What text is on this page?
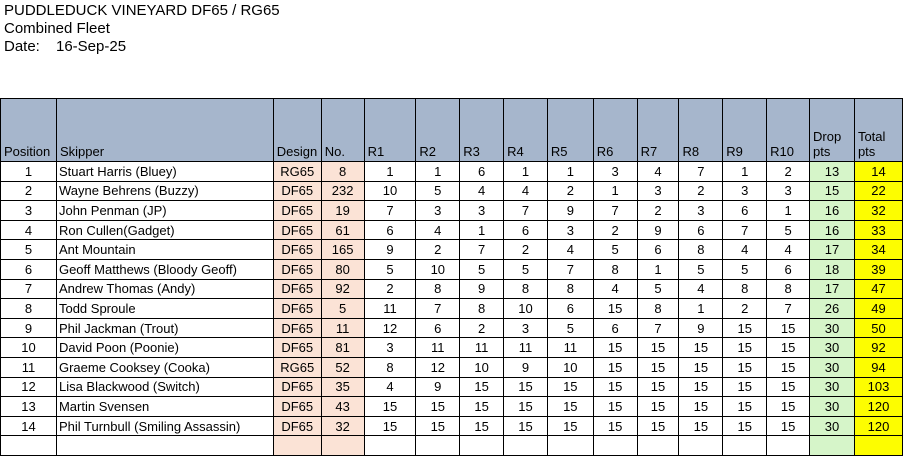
PUDDLEDUCK VINEYARD DF65 / RG65
Combined Fleet
Date: 16-Sep-25
Position	Skipper	Design	No.	R1	R2	R3	R4	R5	R6	R7	R8	R9	R10	Drop pts	Total pts
1	Stuart Harris (Bluey)	RG65	8	1	1	6	1	1	3	4	7	1	2	13	14
2	Wayne Behrens (Buzzy)	DF65	232	10	5	4	4	2	1	3	2	3	3	15	22
3	John Penman (JP)	DF65	19	7	3	3	7	9	7	2	3	6	1	16	32
4	Ron Cullen(Gadget)	DF65	61	6	4	1	6	3	2	9	6	7	5	16	33
5	Ant Mountain	DF65	165	9	2	7	2	4	5	6	8	4	4	17	34
6	Geoff Matthews (Bloody Geoff)	DF65	80	5	10	5	5	7	8	1	5	5	6	18	39
7	Andrew Thomas (Andy)	DF65	92	2	8	9	8	8	4	5	4	8	8	17	47
8	Todd Sproule	DF65	5	11	7	8	10	6	15	8	1	2	7	26	49
9	Phil Jackman (Trout)	DF65	11	12	6	2	3	5	6	7	9	15	15	30	50
10	David Poon (Poonie)	DF65	81	3	11	11	11	11	15	15	15	15	15	30	92
11	Graeme Cooksey (Cooka)	RG65	52	8	12	10	9	10	15	15	15	15	15	30	94
12	Lisa Blackwood (Switch)	DF65	35	4	9	15	15	15	15	15	15	15	15	30	103
13	Martin Svensen	DF65	43	15	15	15	15	15	15	15	15	15	15	30	120
14	Phil Turnbull (Smiling Assassin)	DF65	32	15	15	15	15	15	15	15	15	15	15	30	120
